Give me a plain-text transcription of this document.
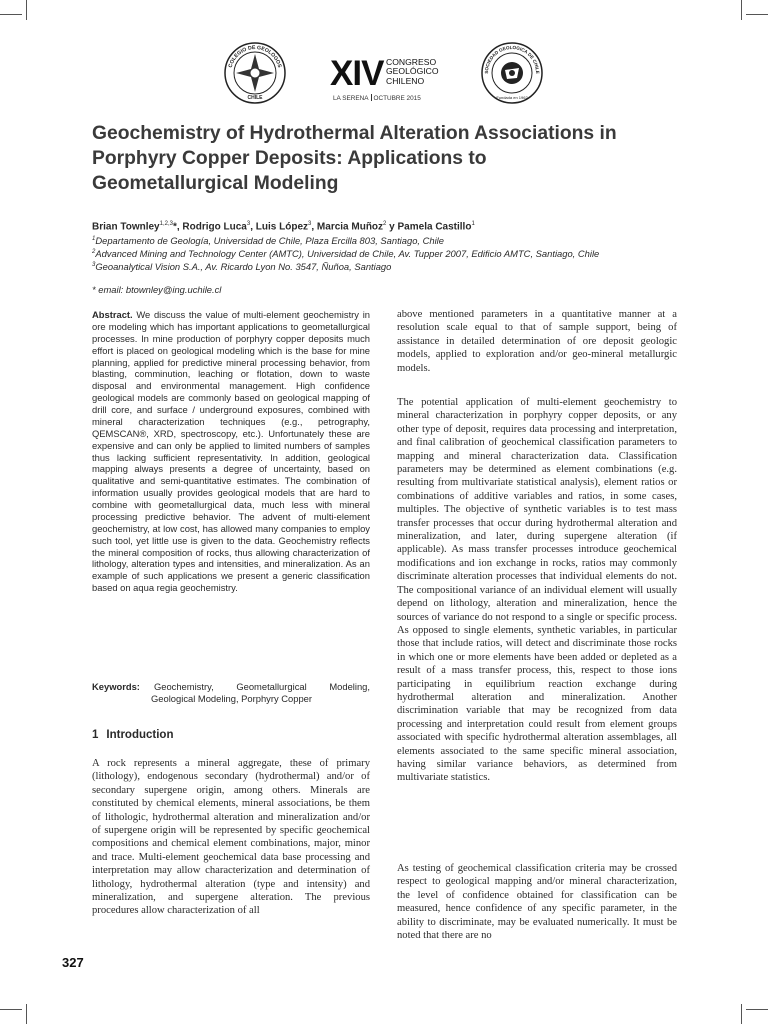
COLEGIO DE GEOLOGOS
CHILE
XIV CONGRESO
GEOLÓGICO
CHILENO
LA SERENA OCTUBRE 2015
SOCIEDAD GEOLOGICA DE CHILE
Fundada en 1962
Geochemistry of Hydrothermal Alteration Associations in
Porphyry Copper Deposits: Applications to
Geometallurgical Modeling
Brian Townley$^{1,2,3}$*, Rodrigo Luca$^3$, Luis López$^3$, Marcia Muñoz$^2$ y Pamela Castillo$^1$
$^1$Departamento de Geología, Universidad de Chile, Plaza Ercilla 803, Santiago, Chile
$^2$Advanced Mining and Technology Center (AMTC), Universidad de Chile, Av. Tupper 2007, Edificio AMTC, Santiago, Chile
$^3$Geoanalytical Vision S.A., Av. Ricardo Lyon No. 3547, Ñuñoa, Santiago
* email: btownley@ing.uchile.cl

Abstract. We discuss the value of multi-element geochemistry in ore modeling which has important applications to geometallurgical processes. In mine production of porphyry copper deposits much effort is placed on geological modeling which is the base for mine planning, applied for predictive mineral processing behavior, from blasting, comminution, leaching or flotation, down to waste disposal and environmental management. High confidence geological models are commonly based on geological mapping of drill core, and surface / underground exposures, combined with mineral characterization techniques (e.g., petrography, QEMSCAN®, XRD, spectroscopy, etc.). Unfortunately these are expensive and can only be applied to limited numbers of samples thus lacking sufficient representativity. In addition, geological mapping always presents a degree of uncertainty, based on qualitative and semi-quantitative estimates. The combination of information usually provides geological models that are hard to combine with geometallurgical data, much less with mineral processing predictive behavior. The advent of multi-element geochemistry, at low cost, has allowed many companies to employ such tool, yet little use is given to the data. Geochemistry reflects the mineral composition of rocks, thus allowing characterization of lithology, alteration types and intensities, and mineralization. As an example of such applications we present a generic classification based on aqua regia geochemistry.

Keywords: Geochemistry, Geometallurgical Modeling,
Geological Modeling, Porphyry Copper
1 Introduction

A rock represents a mineral aggregate, these of primary (lithology), endogenous secondary (hydrothermal) and/or of secondary supergene origin, among others. Minerals are constituted by chemical elements, mineral associations, be them of lithologic, hydrothermal alteration and mineralization and/or of supergene origin will be represented by specific geochemical compositions and chemical element combinations, major, minor and trace. Multi-element geochemical data base processing and interpretation may allow characterization and determination of lithology, hydrothermal alteration (type and intensity) and mineralization, and supergene alteration. The previous procedures allow characterization of all

above mentioned parameters in a quantitative manner at a resolution scale equal to that of sample support, being of assistance in detailed determination of ore deposit geologic models, applied to exploration and/or geo-mineral metallurgic models.

The potential application of multi-element geochemistry to mineral characterization in porphyry copper deposits, or any other type of deposit, requires data processing and interpretation, and final calibration of geochemical classification parameters to mapping and mineral characterization data. Classification parameters may be determined as element combinations (e.g. resulting from multivariate statistical analysis), element ratios or combinations of additive variables and ratios, in some cases, multiples. The objective of synthetic variables is to test mass transfer processes that occur during hydrothermal alteration and mineralization, and later, during supergene alteration (if applicable). As mass transfer processes introduce geochemical modifications and ion exchange in rocks, ratios may commonly discriminate alteration processes that individual elements do not. The compositional variance of an individual element will usually depend on lithology, alteration and mineralization, hence the sources of variance do not respond to a single or specific process. As opposed to single elements, synthetic variables, in particular those that include ratios, will detect and discriminate those rocks in which one or more elements have been added or depleted as a result of a mass transfer process, this, respect to those ions participating in equilibrium reaction exchange during hydrothermal alteration and mineralization. Another discrimination variable that may be recognized from data processing and interpretation could result from element groups associated with specific hydrothermal alteration assemblages, all elements associated to the same specific mineral association, having similar variance behaviors, as determined from multivariate statistics.

As testing of geochemical classification criteria may be crossed respect to geological mapping and/or mineral characterization, the level of confidence obtained for classification can be measured, hence confidence of any specific parameter, in the ability to discriminate, may be evaluated numerically. It must be noted that there are no

327
